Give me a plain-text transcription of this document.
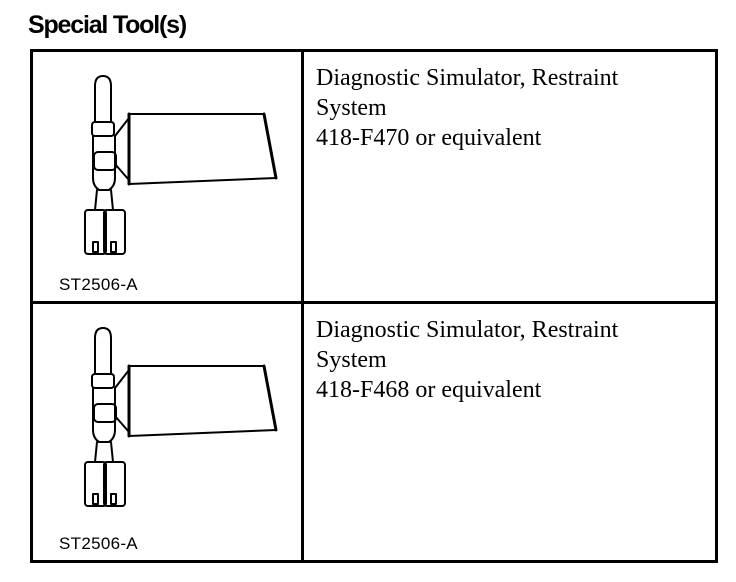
Special Tool(s)
ST2506-A
Diagnostic Simulator, Restraint
System
418-F470 or equivalent
ST2506-A
Diagnostic Simulator, Restraint
System
418-F468 or equivalent
